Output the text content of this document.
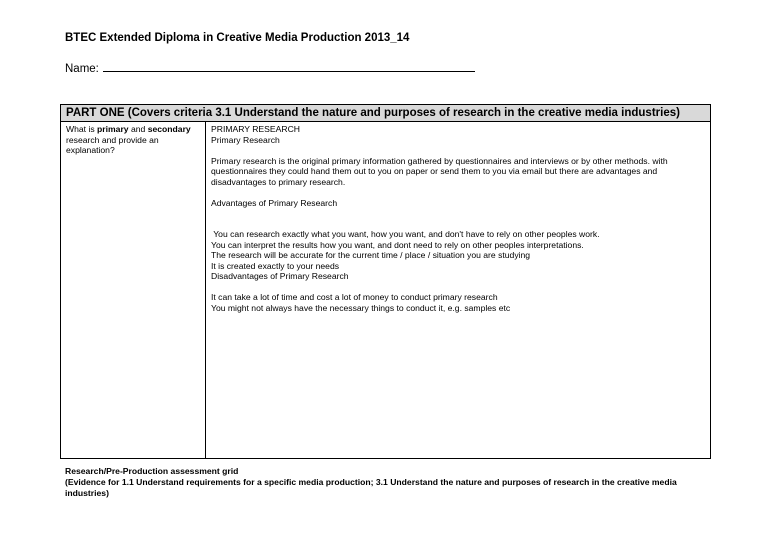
BTEC Extended Diploma in Creative Media Production 2013_14
Name:
PART ONE (Covers criteria 3.1 Understand the nature and purposes of research in the creative media industries)
What is primary and secondary research and provide an explanation?

PRIMARY RESEARCH

Primary Research

Primary research is the original primary information gathered by questionnaires and interviews or by other methods. with questionnaires they could hand them out to you on paper or send them to you via email but there are advantages and disadvantages to primary research.

Advantages of Primary Research

You can research exactly what you want, how you want, and don't have to rely on other peoples work.

You can interpret the results how you want, and dont need to rely on other peoples interpretations.

The research will be accurate for the current time / place / situation you are studying

It is created exactly to your needs

Disadvantages of Primary Research

It can take a lot of time and cost a lot of money to conduct primary research

You might not always have the necessary things to conduct it, e.g. samples etc

Research/Pre-Production assessment grid

(Evidence for 1.1 Understand requirements for a specific media production; 3.1 Understand the nature and purposes of research in the creative media industries)
